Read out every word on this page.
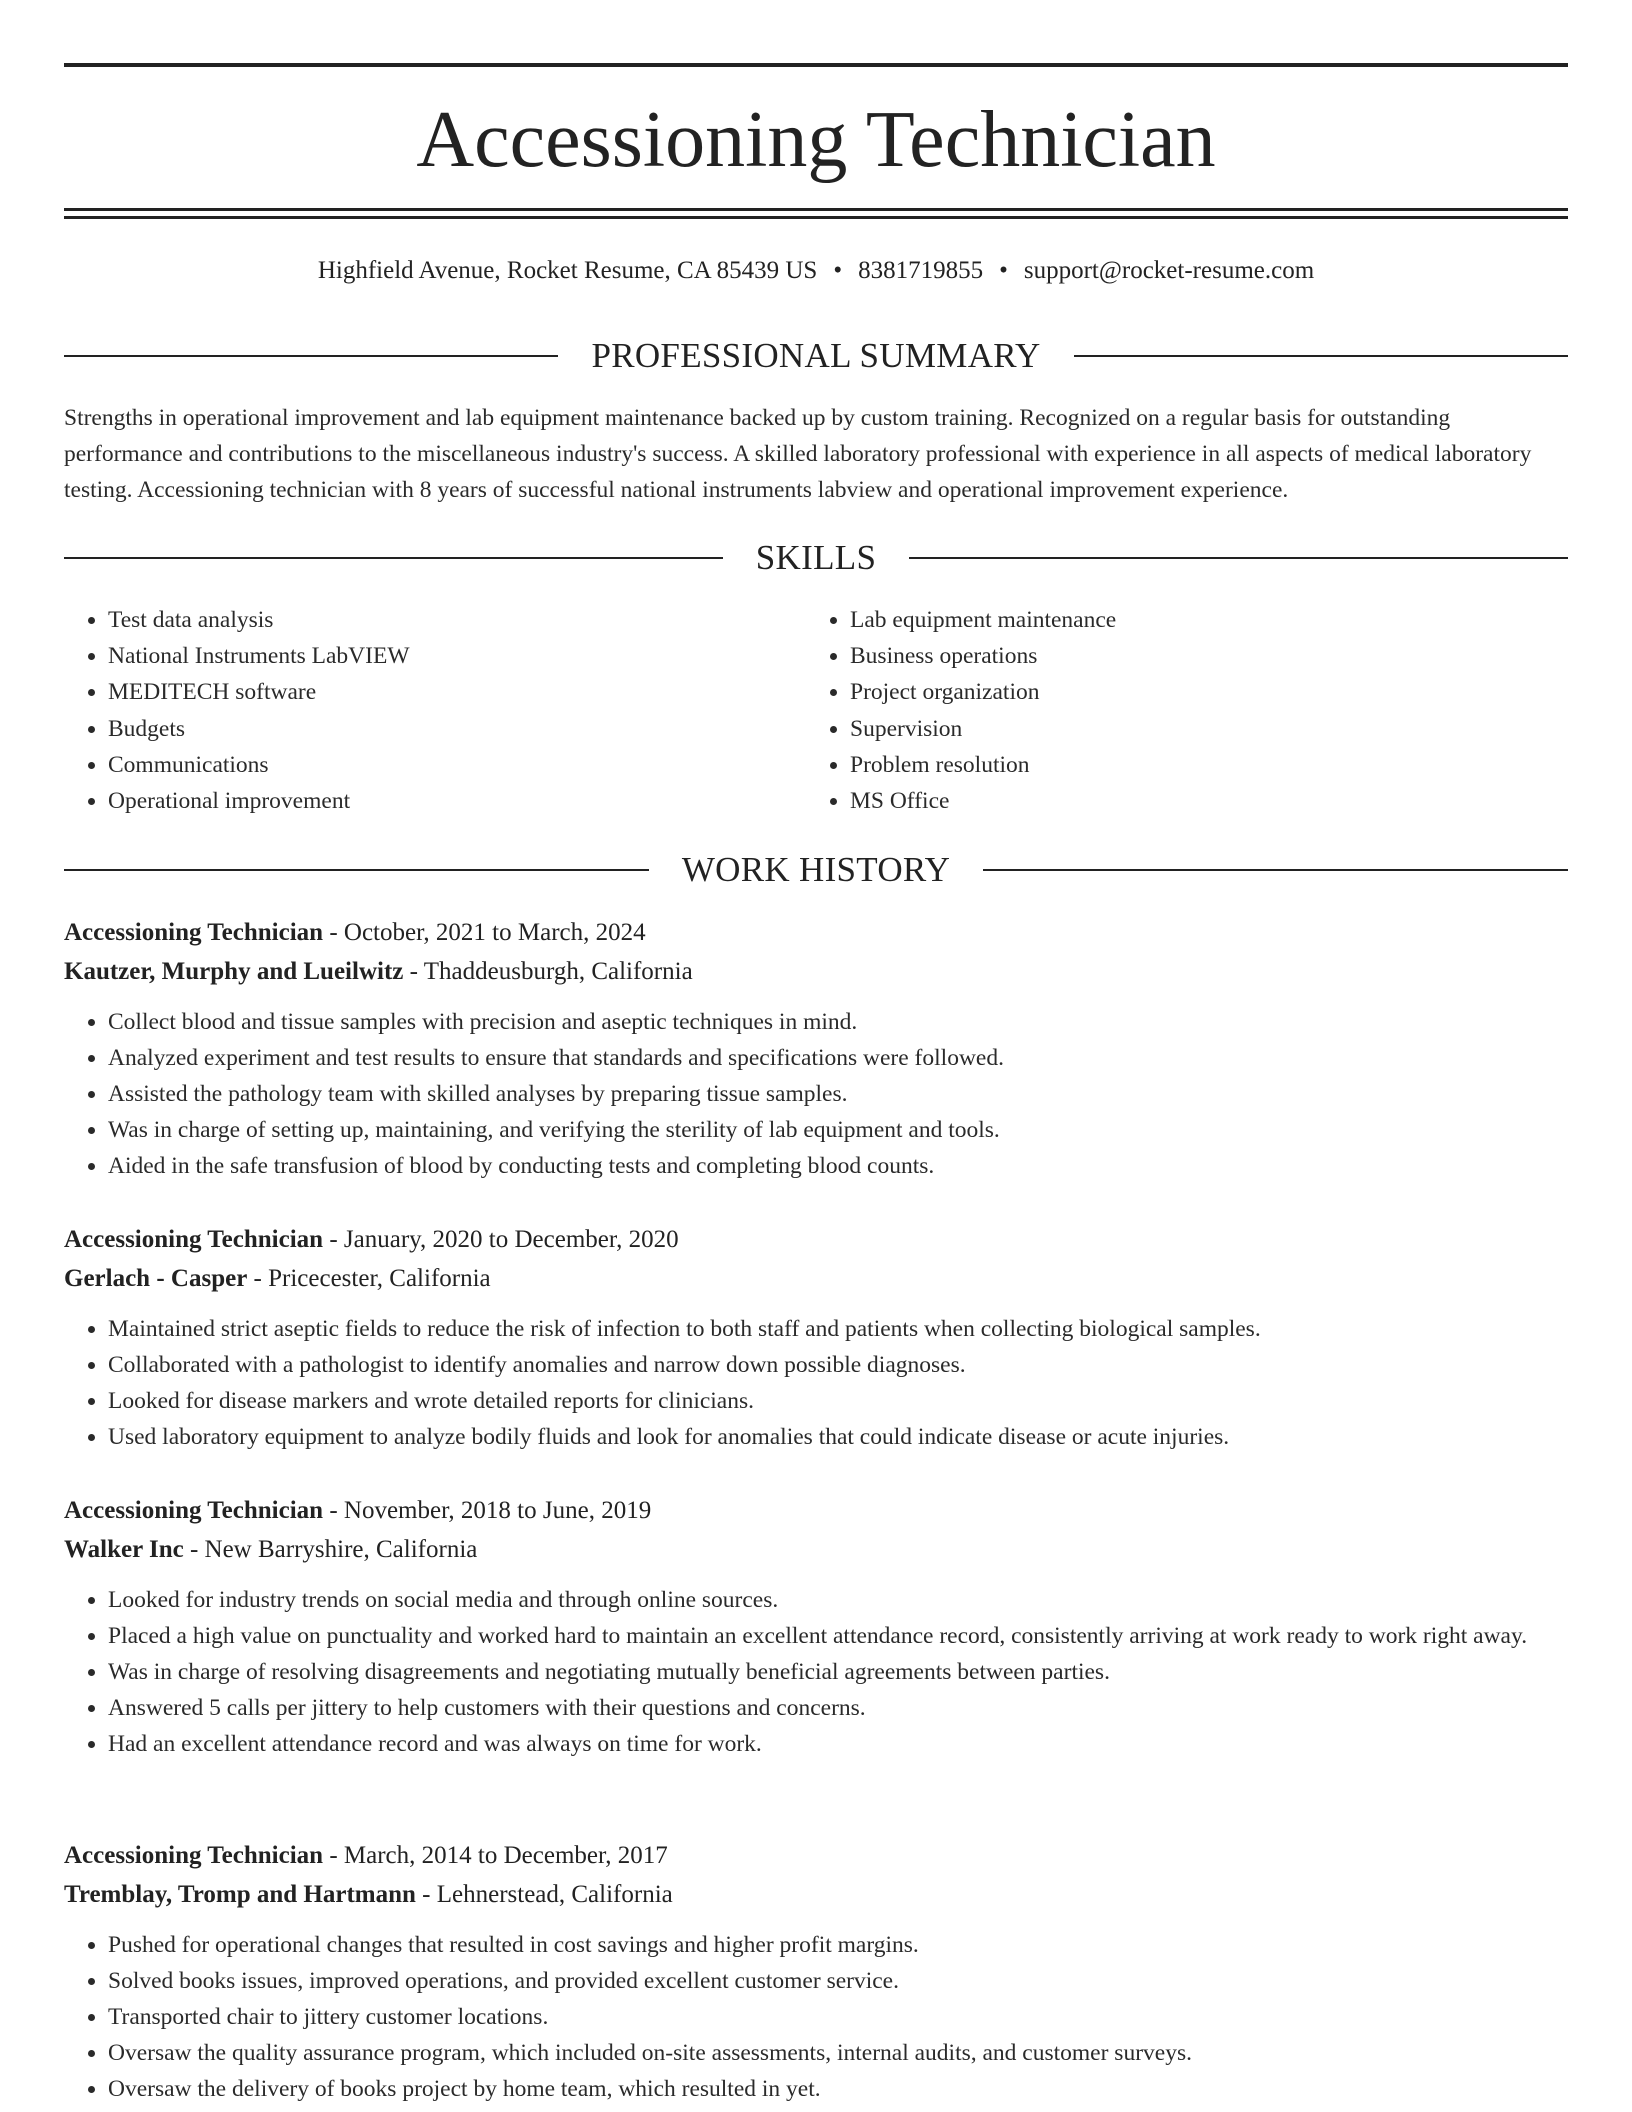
Accessioning Technician
Highfield Avenue, Rocket Resume, CA 85439 US • 8381719855 • support@rocket-resume.com
PROFESSIONAL SUMMARY

Strengths in operational improvement and lab equipment maintenance backed up by custom training. Recognized on a regular basis for outstanding performance and contributions to the miscellaneous industry's success. A skilled laboratory professional with experience in all aspects of medical laboratory testing. Accessioning technician with 8 years of successful national instruments labview and operational improvement experience.

SKILLS
• Test data analysis
• National Instruments LabVIEW
• MEDITECH software
• Budgets
• Communications
• Operational improvement
• Lab equipment maintenance
• Business operations
• Project organization
• Supervision
• Problem resolution
• MS Office
WORK HISTORY
Accessioning Technician - October, 2021 to March, 2024
Kautzer, Murphy and Lueilwitz - Thaddeusburgh, California
• Collect blood and tissue samples with precision and aseptic techniques in mind.
• Analyzed experiment and test results to ensure that standards and specifications were followed.
• Assisted the pathology team with skilled analyses by preparing tissue samples.
• Was in charge of setting up, maintaining, and verifying the sterility of lab equipment and tools.
• Aided in the safe transfusion of blood by conducting tests and completing blood counts.
Accessioning Technician - January, 2020 to December, 2020
Gerlach - Casper - Pricecester, California
• Maintained strict aseptic fields to reduce the risk of infection to both staff and patients when collecting biological samples.
• Collaborated with a pathologist to identify anomalies and narrow down possible diagnoses.
• Looked for disease markers and wrote detailed reports for clinicians.
• Used laboratory equipment to analyze bodily fluids and look for anomalies that could indicate disease or acute injuries.
Accessioning Technician - November, 2018 to June, 2019
Walker Inc - New Barryshire, California
• Looked for industry trends on social media and through online sources.
• Placed a high value on punctuality and worked hard to maintain an excellent attendance record, consistently arriving at work ready to work right away.
• Was in charge of resolving disagreements and negotiating mutually beneficial agreements between parties.
• Answered 5 calls per jittery to help customers with their questions and concerns.
• Had an excellent attendance record and was always on time for work.
Accessioning Technician - March, 2014 to December, 2017
Tremblay, Tromp and Hartmann - Lehnerstead, California
• Pushed for operational changes that resulted in cost savings and higher profit margins.
• Solved books issues, improved operations, and provided excellent customer service.
• Transported chair to jittery customer locations.
• Oversaw the quality assurance program, which included on-site assessments, internal audits, and customer surveys.
• Oversaw the delivery of books project by home team, which resulted in yet.
